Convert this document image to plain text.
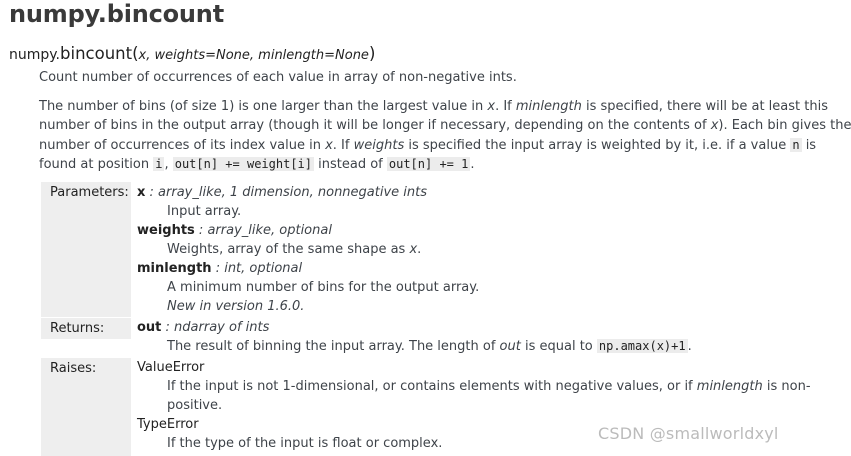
numpy.bincount
numpy.bincount(x, weights=None, minlength=None)

Count number of occurrences of each value in array of non-negative ints.

The number of bins (of size 1) is one larger than the largest value in x. If minlength is specified, there will be at least this
number of bins in the output array (though it will be longer if necessary, depending on the contents of x). Each bin gives the
number of occurrences of its index value in x. If weights is specified the input array is weighted by it, i.e. if a value n is
found at position i , out[n] += weight[i] instead of out[n] += 1 .
Parameters:
Returns:
Raises:
x : array_like, 1 dimension, nonnegative ints
Input array.
weights : array_like, optional
Weights, array of the same shape as x.
minlength : int, optional
A minimum number of bins for the output array.
New in version 1.6.0.
out : ndarray of ints
The result of binning the input array. The length of out is equal to np.amax(x)+1 .
ValueError
If the input is not 1-dimensional, or contains elements with negative values, or if minlength is non-
positive.
TypeError
If the type of the input is float or complex.
CSDN @smallworldxyl
